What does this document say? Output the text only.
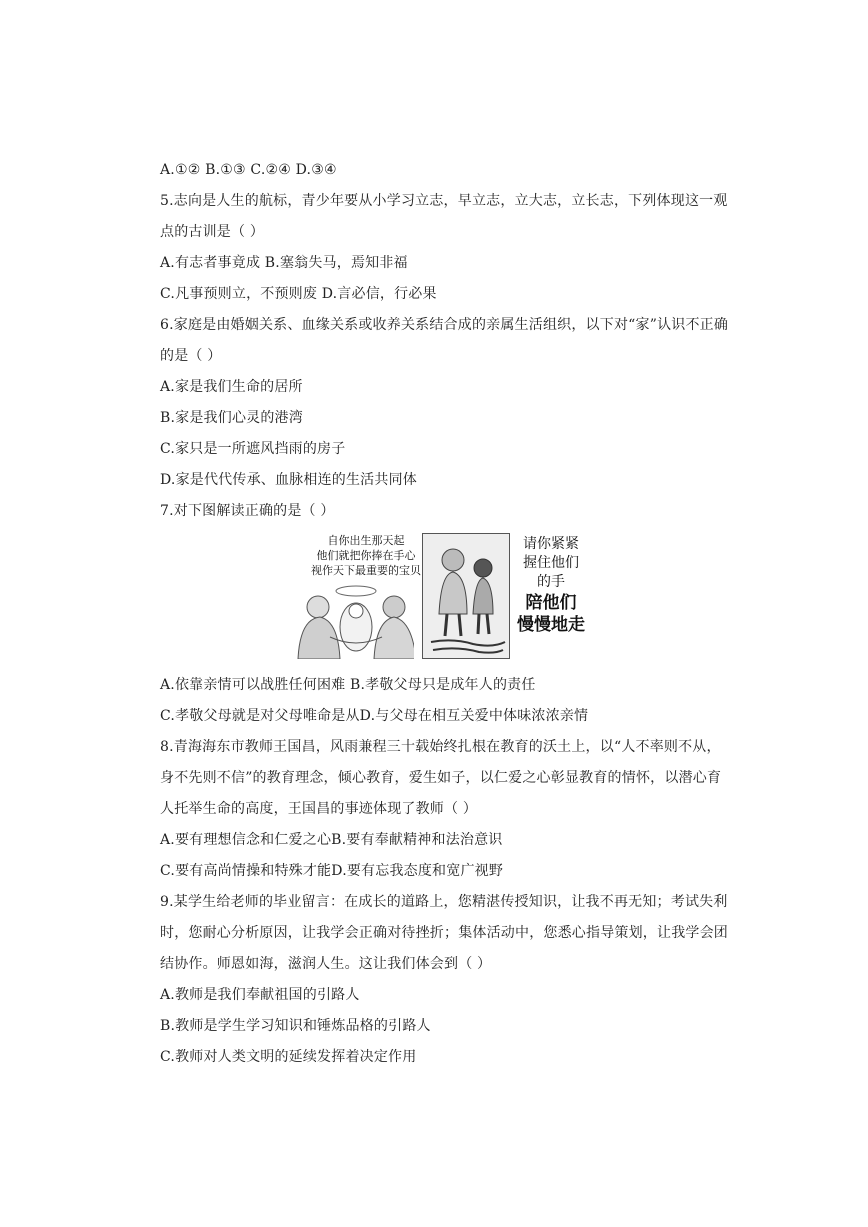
A.①② B.①③ C.②④ D.③④
5.志向是人生的航标，青少年要从小学习立志，早立志，立大志，立长志，下列体现这一观
点的古训是（ ）
A.有志者事竟成 B.塞翁失马，焉知非福
C.凡事预则立，不预则废 D.言必信，行必果
6.家庭是由婚姻关系、血缘关系或收养关系结合成的亲属生活组织，以下对“家”认识不正确
的是（ ）
A.家是我们生命的居所
B.家是我们心灵的港湾
C.家只是一所遮风挡雨的房子
D.家是代代传承、血脉相连的生活共同体
7.对下图解读正确的是（ ）
自你出生那天起
他们就把你捧在手心
视作天下最重要的宝贝
请你紧紧
握住他们
的手
陪他们
慢慢地走
A.依靠亲情可以战胜任何困难 B.孝敬父母只是成年人的责任
C.孝敬父母就是对父母唯命是从D.与父母在相互关爱中体味浓浓亲情
8.青海海东市教师王国昌，风雨兼程三十载始终扎根在教育的沃土上，以“人不率则不从，
身不先则不信”的教育理念，倾心教育，爱生如子，以仁爱之心彰显教育的情怀，以潜心育
人托举生命的高度，王国昌的事迹体现了教师（ ）
A.要有理想信念和仁爱之心B.要有奉献精神和法治意识
C.要有高尚情操和特殊才能D.要有忘我态度和宽广视野
9.某学生给老师的毕业留言：在成长的道路上，您精湛传授知识，让我不再无知；考试失利
时，您耐心分析原因，让我学会正确对待挫折；集体活动中，您悉心指导策划，让我学会团
结协作。师恩如海，滋润人生。这让我们体会到（ ）
A.教师是我们奉献祖国的引路人
B.教师是学生学习知识和锤炼品格的引路人
C.教师对人类文明的延续发挥着决定作用
